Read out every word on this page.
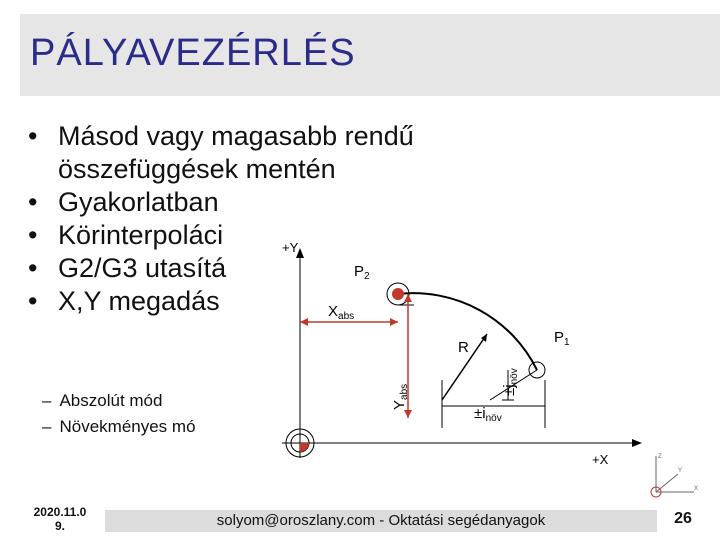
PÁLYAVEZÉRLÉS
• Másod vagy magasabb rendű összefüggések mentén
• Gyakorlatban
• Körinterpoláci
• G2/G3 utasítá
• X,Y megadás
– Abszolút mód
– Növekményes mó
+Y
+X
$P_2$
$P_1$
$X_{abs}$
$Y_{abs}$
R
$\pm i_{növ}$
$\pm j_{növ}$
Z
Y
X
2020.11.0
9.	solyom@oroszlany.com - Oktatási segédanyagok	26
